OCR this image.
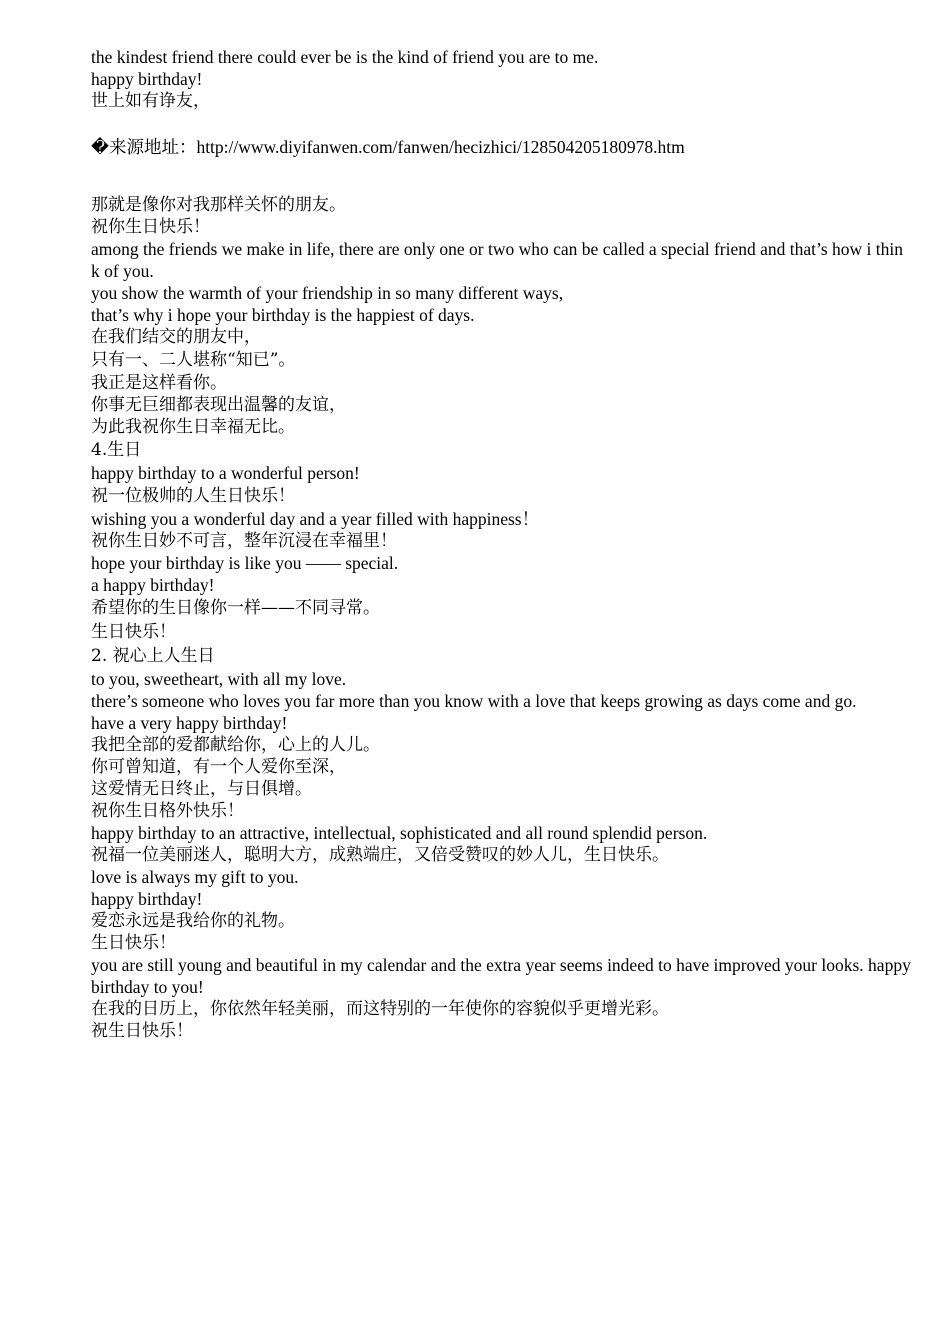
the kindest friend there could ever be is the kind of friend you are to me.

happy birthday!

世上如有诤友，

�来源地址：http://www.diyifanwen.com/fanwen/hecizhici/128504205180978.htm

那就是像你对我那样关怀的朋友。

祝你生日快乐！

among the friends we make in life, there are only one or two who can be called a special friend and that’s how i think of you.

you show the warmth of your friendship in so many different ways,

that’s why i hope your birthday is the happiest of days.

在我们结交的朋友中，

只有一、二人堪称“知已”。

我正是这样看你。

你事无巨细都表现出温馨的友谊，

为此我祝你生日幸福无比。

4.生日

happy birthday to a wonderful person!

祝一位极帅的人生日快乐！

wishing you a wonderful day and a year filled with happiness！

祝你生日妙不可言，整年沉浸在幸福里！

hope your birthday is like you —— special.

a happy birthday!

希望你的生日像你一样——不同寻常。

生日快乐！

2. 祝心上人生日

to you, sweetheart, with all my love.

there’s someone who loves you far more than you know with a love that keeps growing as days come and go.

have a very happy birthday!

我把全部的爱都献给你，心上的人儿。

你可曾知道，有一个人爱你至深，

这爱情无日终止，与日俱增。

祝你生日格外快乐！

happy birthday to an attractive, intellectual, sophisticated and all round splendid person.

祝福一位美丽迷人，聪明大方，成熟端庄，又倍受赞叹的妙人儿，生日快乐。

love is always my gift to you.

happy birthday!

爱恋永远是我给你的礼物。

生日快乐！

you are still young and beautiful in my calendar and the extra year seems indeed to have improved your looks. happy birthday to you!

在我的日历上，你依然年轻美丽，而这特别的一年使你的容貌似乎更增光彩。

祝生日快乐！
